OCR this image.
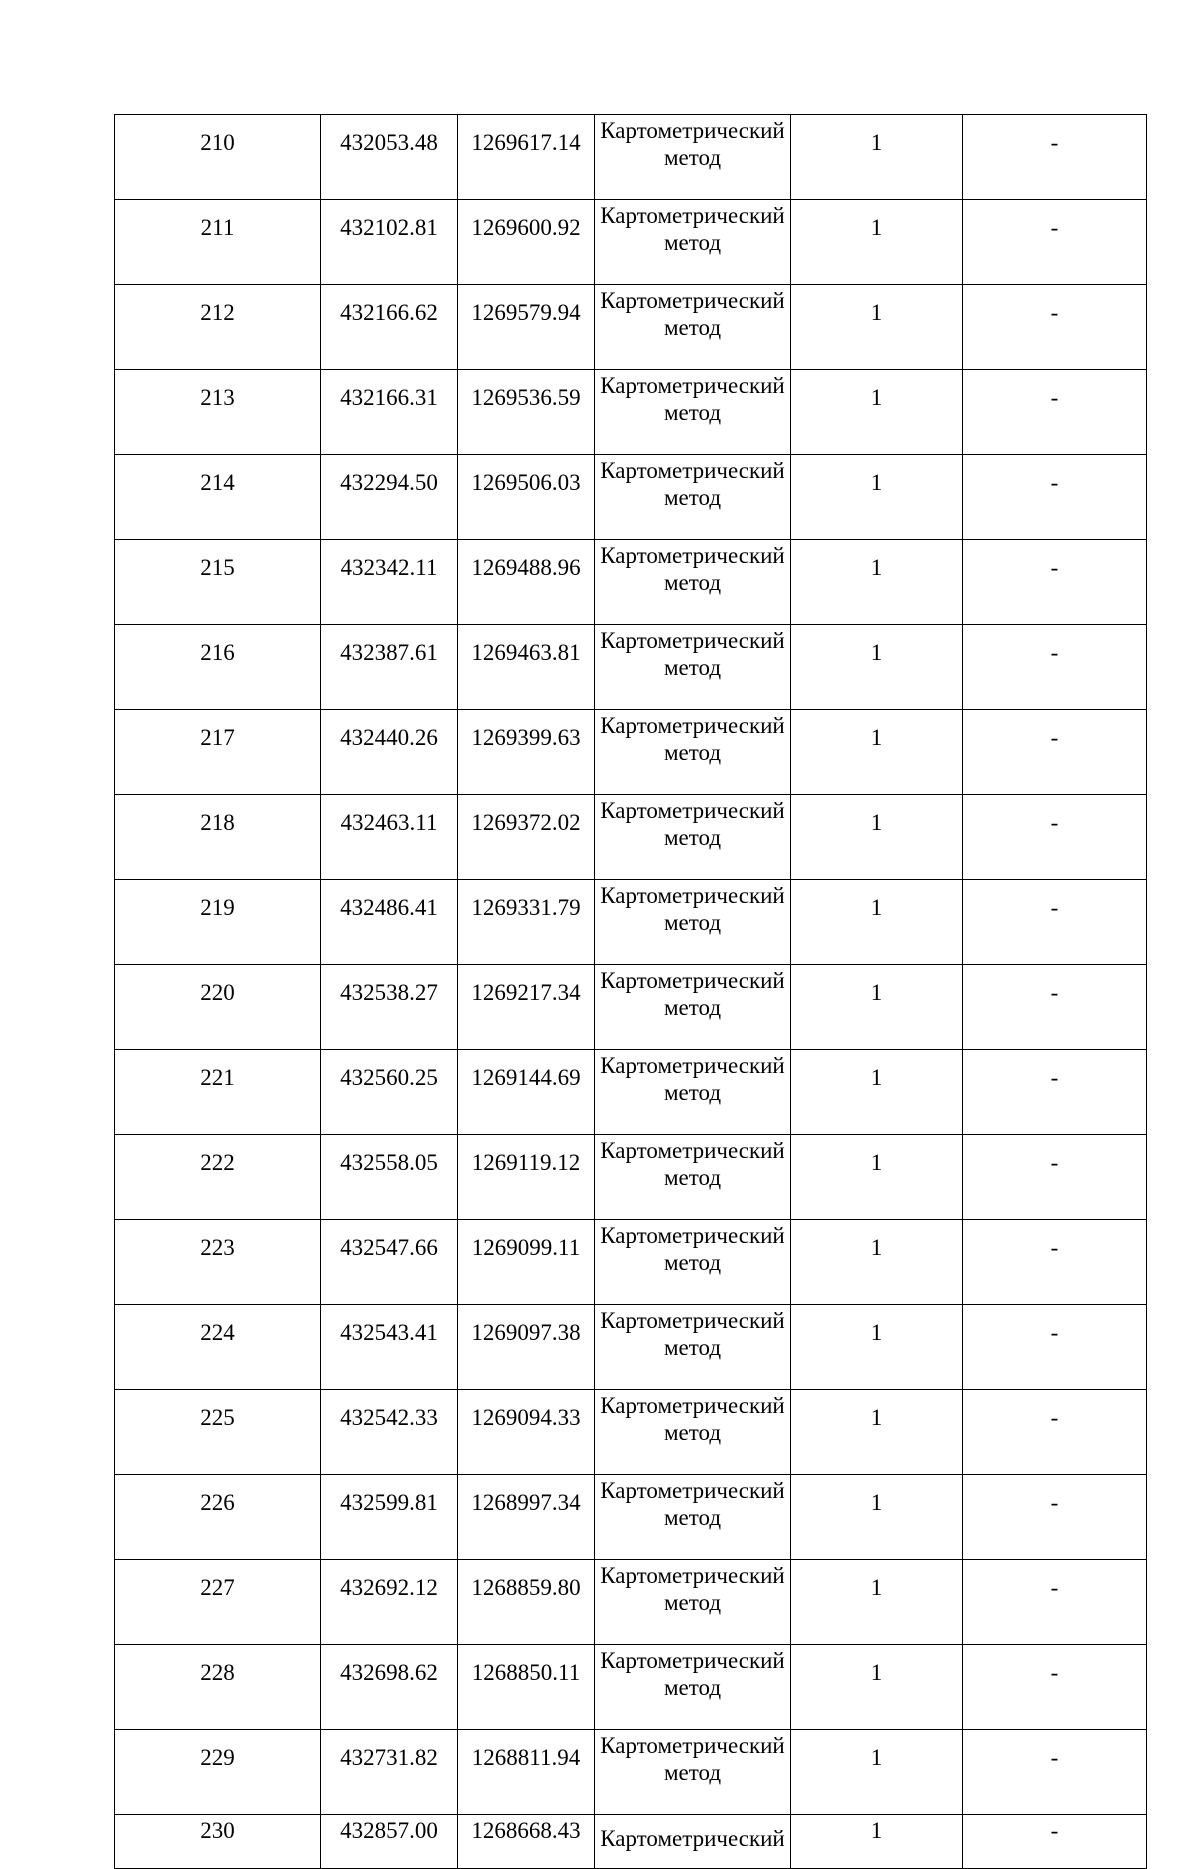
210	432053.48	1269617.14	Картометрический
метод	1	-
211	432102.81	1269600.92	Картометрический
метод	1	-
212	432166.62	1269579.94	Картометрический
метод	1	-
213	432166.31	1269536.59	Картометрический
метод	1	-
214	432294.50	1269506.03	Картометрический
метод	1	-
215	432342.11	1269488.96	Картометрический
метод	1	-
216	432387.61	1269463.81	Картометрический
метод	1	-
217	432440.26	1269399.63	Картометрический
метод	1	-
218	432463.11	1269372.02	Картометрический
метод	1	-
219	432486.41	1269331.79	Картометрический
метод	1	-
220	432538.27	1269217.34	Картометрический
метод	1	-
221	432560.25	1269144.69	Картометрический
метод	1	-
222	432558.05	1269119.12	Картометрический
метод	1	-
223	432547.66	1269099.11	Картометрический
метод	1	-
224	432543.41	1269097.38	Картометрический
метод	1	-
225	432542.33	1269094.33	Картометрический
метод	1	-
226	432599.81	1268997.34	Картометрический
метод	1	-
227	432692.12	1268859.80	Картометрический
метод	1	-
228	432698.62	1268850.11	Картометрический
метод	1	-
229	432731.82	1268811.94	Картометрический
метод	1	-
230	432857.00	1268668.43	Картометрический	1	-
